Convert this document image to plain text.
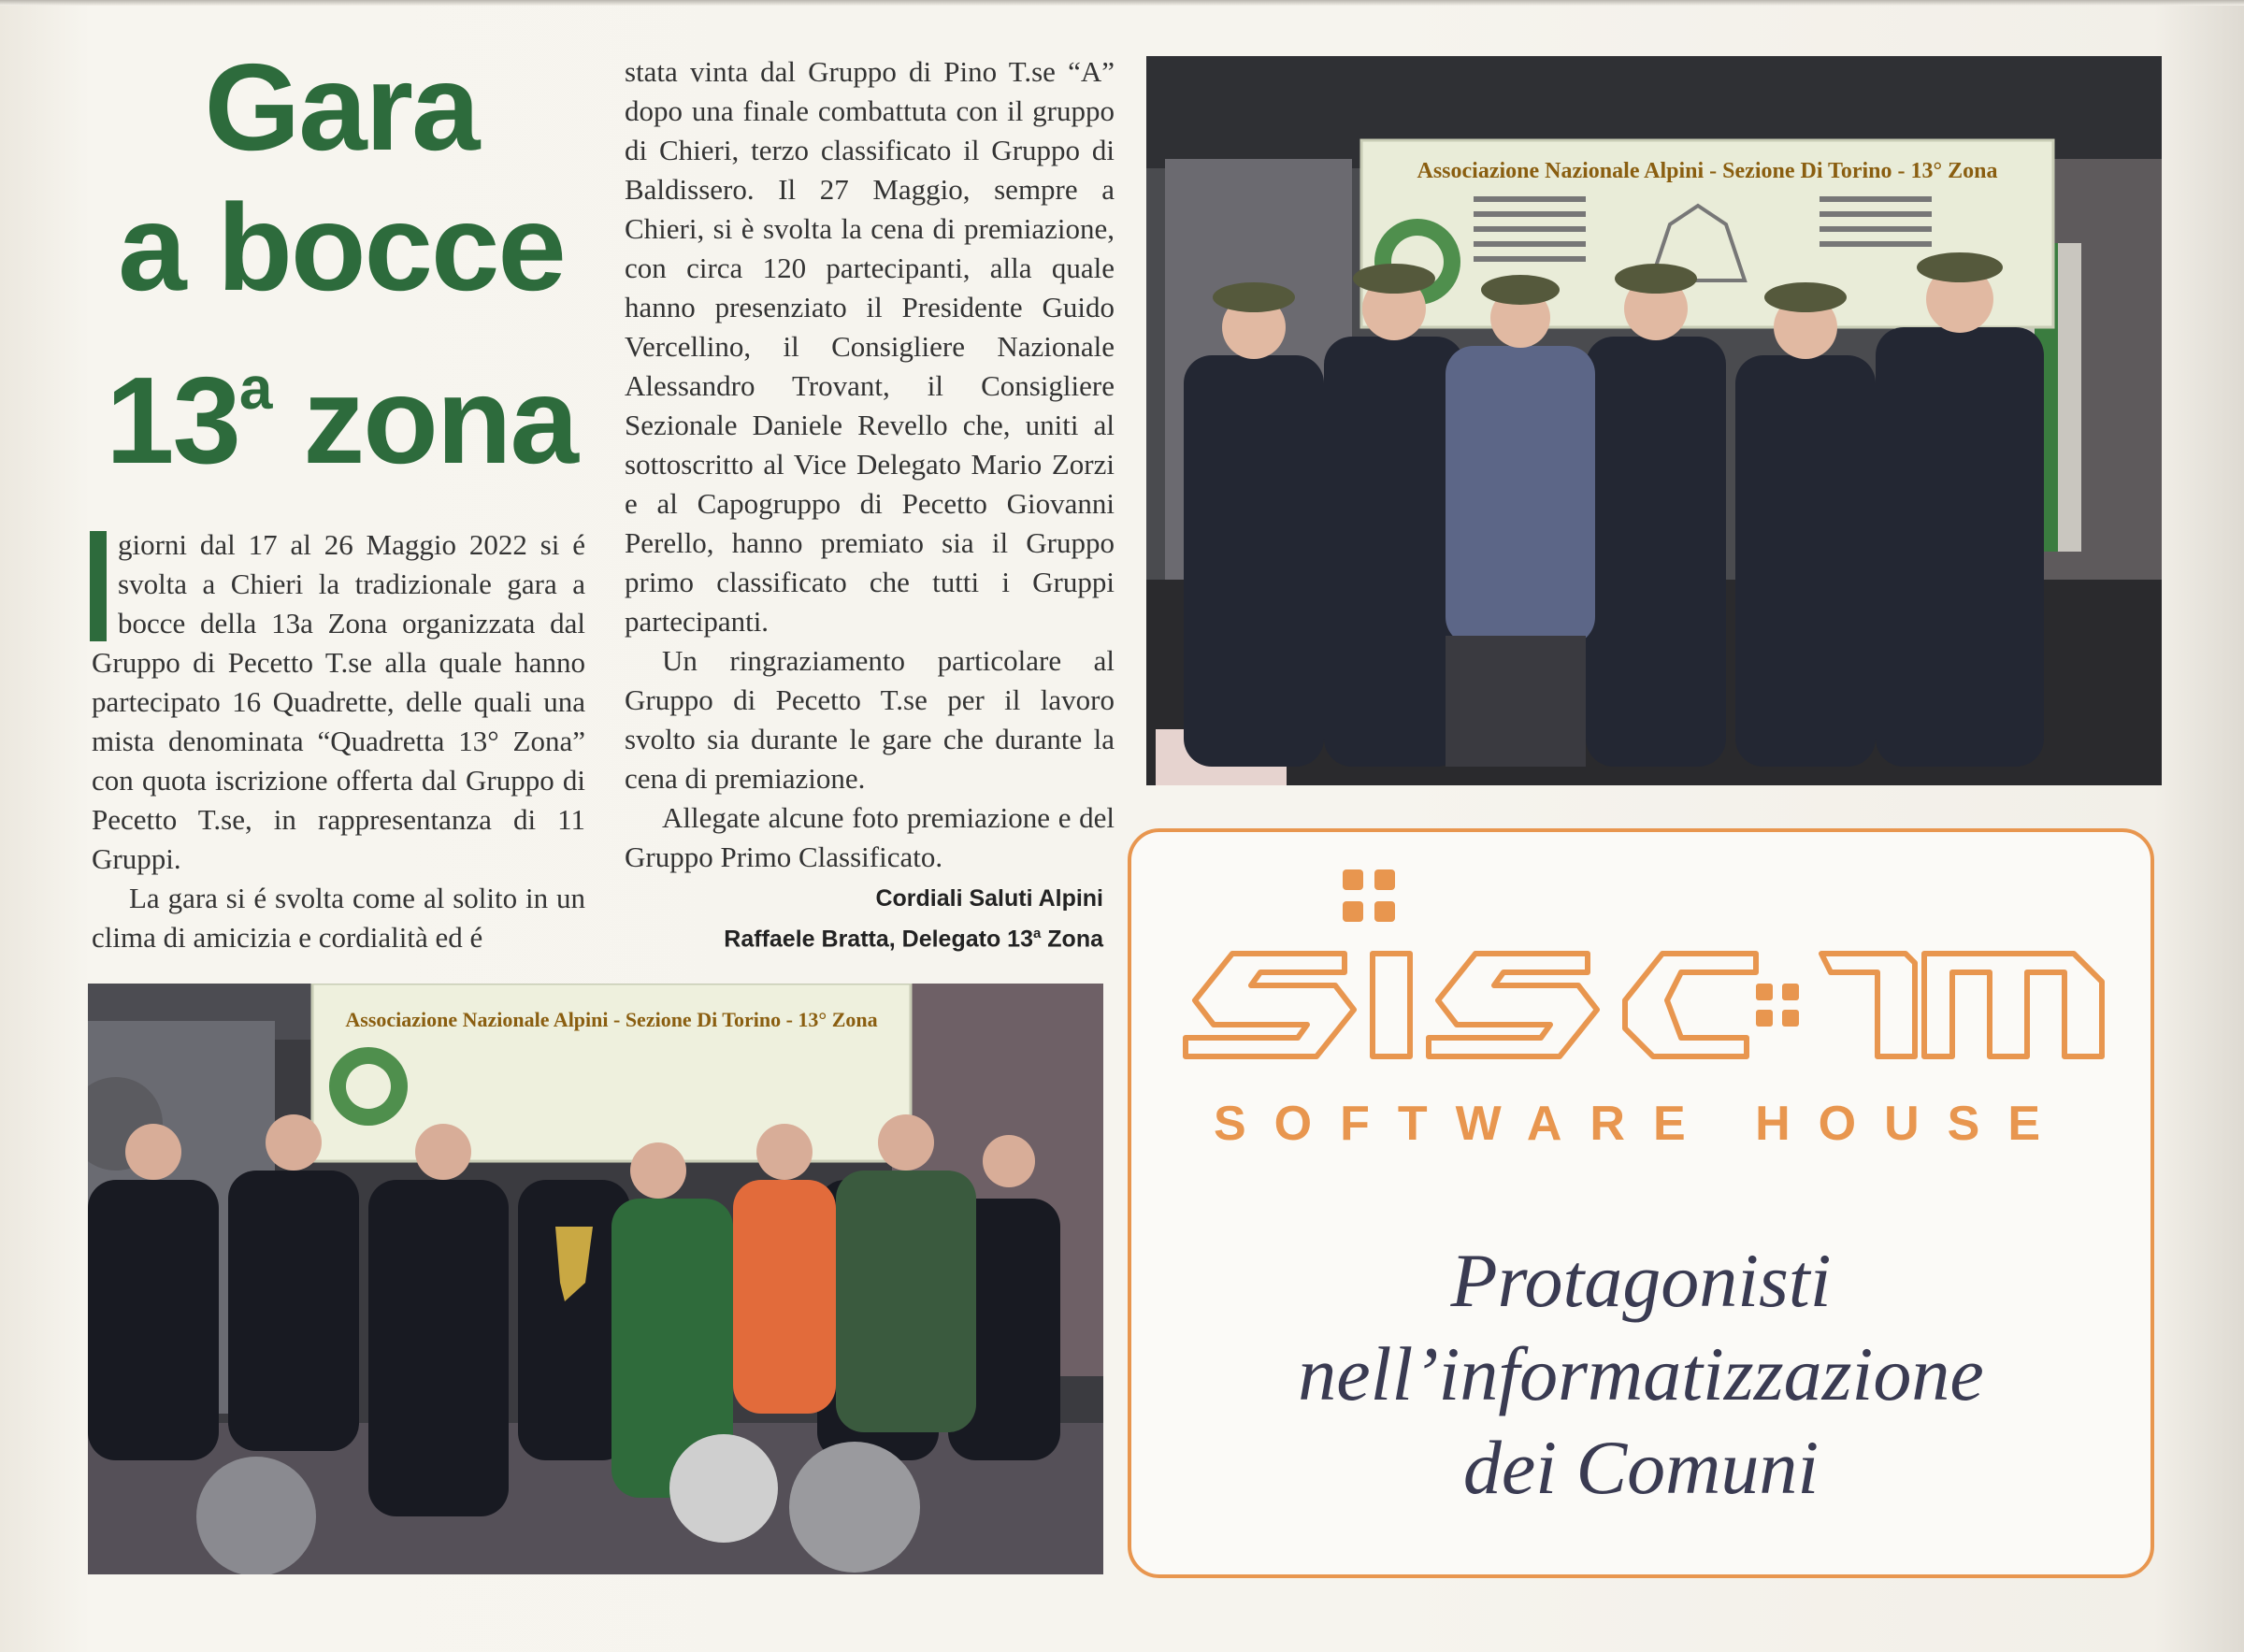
Gara
a bocce
13$^a$ zona

giorni dal 17 al 26 Maggio 2022 si é svolta a Chieri la tradizionale gara a bocce della 13a Zona organizzata dal Gruppo di Pecetto T.se alla quale hanno partecipato 16 Quadrette, delle quali una mista denominata “Quadretta 13° Zona” con quota iscrizione offerta dal Gruppo di Pecetto T.se, in rappresentanza di 11 Gruppi.

La gara si é svolta come al solito in un clima di amicizia e cordialità ed é

stata vinta dal Gruppo di Pino T.se “A” dopo una finale combattuta con il gruppo di Chieri, terzo classificato il Gruppo di Baldissero. Il 27 Maggio, sempre a Chieri, si è svolta la cena di premiazione, con circa 120 partecipanti, alla quale hanno presenziato il Presidente Guido Vercellino, il Consigliere Nazionale Alessandro Trovant, il Consigliere Sezionale Daniele Revello che, uniti al sottoscritto al Vice Delegato Mario Zorzi e al Capogruppo di Pecetto Giovanni Perello, hanno premiato sia il Gruppo primo classificato che tutti i Gruppi partecipanti.

Un ringraziamento particolare al Gruppo di Pecetto T.se per il lavoro svolto sia durante le gare che durante la cena di premiazione.

Allegate alcune foto premiazione e del Gruppo Primo Classificato.

Cordiali Saluti Alpini
Raffaele Bratta, Delegato 13$^a$ Zona
Associazione Nazionale Alpini - Sezione Di Torino - 13° Zona
Associazione Nazionale Alpini - Sezione Di Torino - 13° Zona
SOFTWARE HOUSE
Protagonisti
nell’informatizzazione
dei Comuni
